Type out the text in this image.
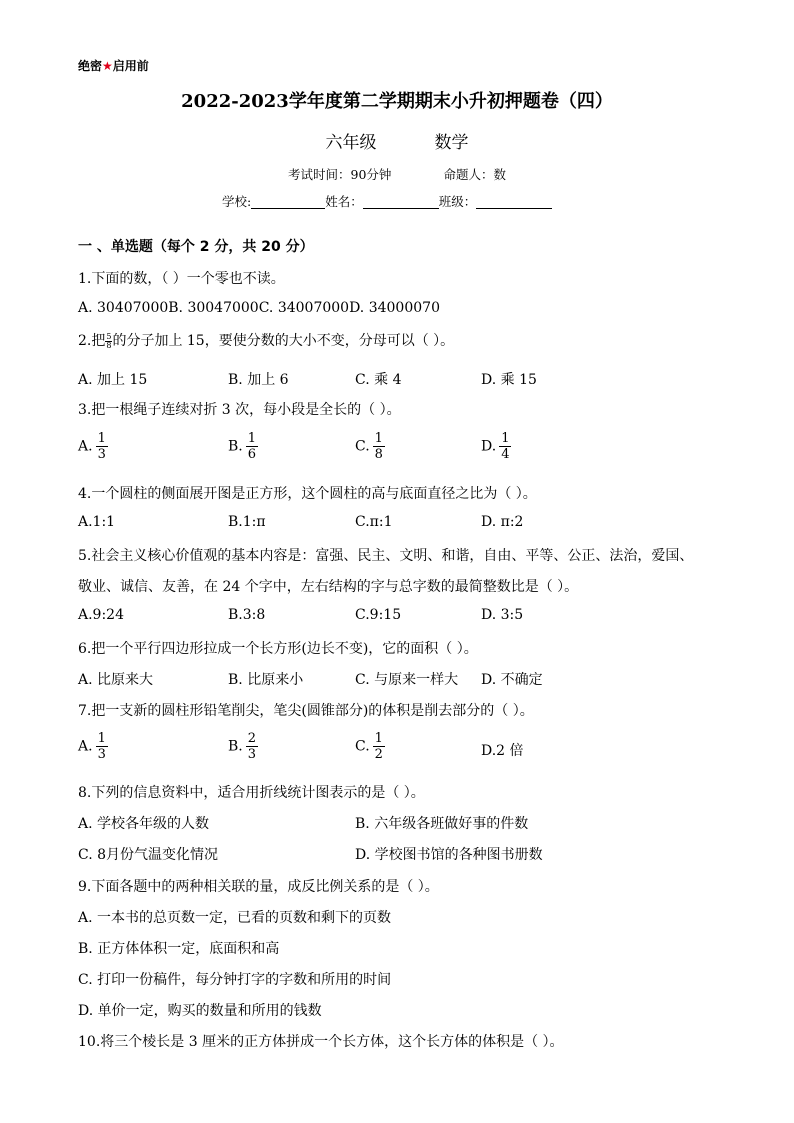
绝密★启用前
2022-2023学年度第二学期期末小升初押题卷（四）
六年级	数学
考试时间：90分钟	命题人：数
学校:	姓名：	班级：
一 、单选题（每个 2 分，共 20 分）
1.下面的数，（ ）一个零也不读。
A. 30407000B. 30047000C. 34007000D. 34000070
2.把 $\frac{5}{8}$ 的分子加上 15，要使分数的大小不变，分母可以（ ）。
A. 加上 15	B. 加上 6	C. 乘 4	D. 乘 15
3.把一根绳子连续对折 3 次，每小段是全长的（ ）。
A. $\frac{1}{3}$	B. $\frac{1}{6}$	C. $\frac{1}{8}$	D. $\frac{1}{4}$
4.一个圆柱的侧面展开图是正方形，这个圆柱的高与底面直径之比为（ ）。
A.1:1	B.1:π	C.π:1	D. π:2
5.社会主义核心价值观的基本内容是：富强、民主、文明、和谐，自由、平等、公正、法治，爱国、
敬业、诚信、友善，在 24 个字中，左右结构的字与总字数的最简整数比是（ ）。
A.9:24	B.3:8	C.9:15	D. 3:5
6.把一个平行四边形拉成一个长方形(边长不变)，它的面积（ ）。
A. 比原来大	B. 比原来小	C. 与原来一样大 D. 不确定
7.把一支新的圆柱形铅笔削尖，笔尖(圆锥部分)的体积是削去部分的（ ）。
A. $\frac{1}{3}$	B. $\frac{2}{3}$	C. $\frac{1}{2}$	D.2 倍
8.下列的信息资料中，适合用折线统计图表示的是（ ）。
A. 学校各年级的人数	B. 六年级各班做好事的件数
C. 8月份气温变化情况	D. 学校图书馆的各种图书册数
9.下面各题中的两种相关联的量，成反比例关系的是（ ）。
A. 一本书的总页数一定，已看的页数和剩下的页数
B. 正方体体积一定，底面积和高
C. 打印一份稿件，每分钟打字的字数和所用的时间
D. 单价一定，购买的数量和所用的钱数
10.将三个棱长是 3 厘米的正方体拼成一个长方体，这个长方体的体积是（ ）。
